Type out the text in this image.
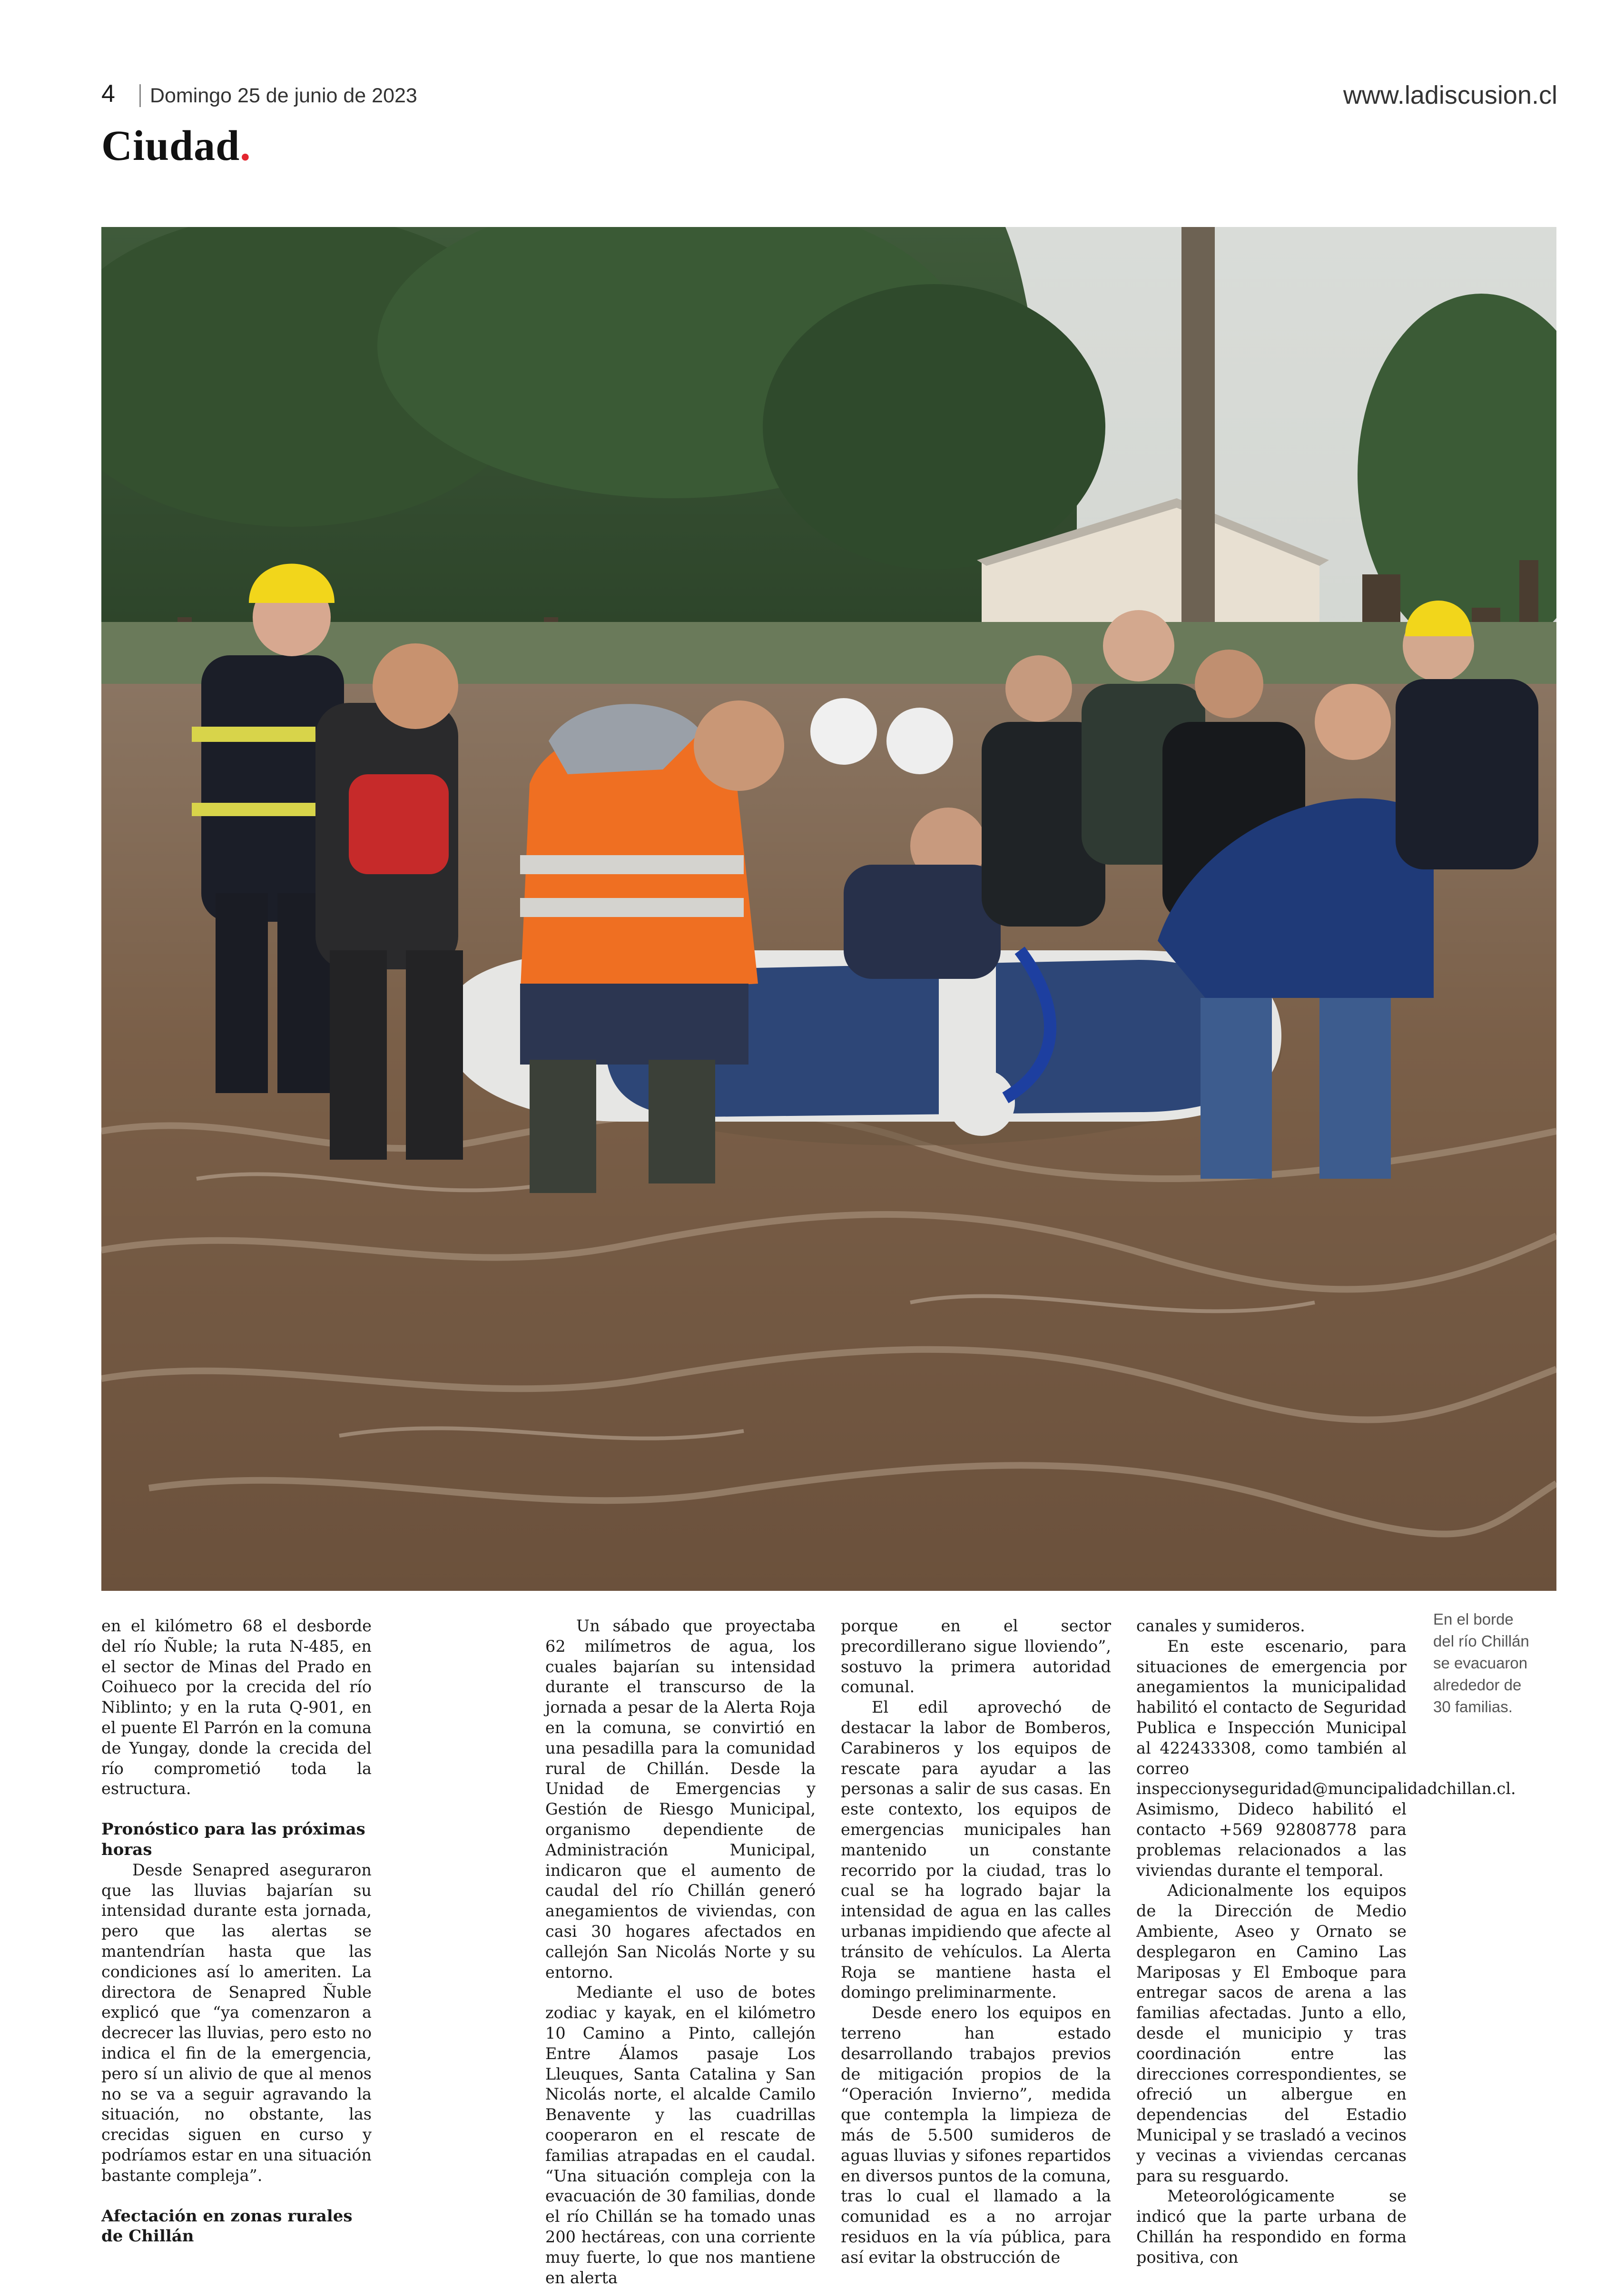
4 Domingo 25 de junio de 2023	www.ladiscusion.cl
Ciudad.
En el borde del río Chillán se evacuaron alrededor de 30 familias.

en el kilómetro 68 el desborde del río Ñuble; la ruta N-485, en el sector de Minas del Prado en Coihueco por la crecida del río Niblinto; y en la ruta Q-901, en el puente El Parrón en la comuna de Yungay, donde la crecida del río comprometió toda la estructura.

Pronóstico para las próximas horas

Desde Senapred aseguraron que las lluvias bajarían su intensidad durante esta jornada, pero que las alertas se mantendrían hasta que las condiciones así lo ameriten. La directora de Senapred Ñuble explicó que “ya comenzaron a decrecer las lluvias, pero esto no indica el fin de la emergencia, pero sí un alivio de que al menos no se va a seguir agravando la situación, no obstante, las crecidas siguen en curso y podríamos estar en una situación bastante compleja”.

Afectación en zonas rurales de Chillán

Un sábado que proyectaba 62 milímetros de agua, los cuales bajarían su intensidad durante el transcurso de la jornada a pesar de la Alerta Roja en la comuna, se convirtió en una pesadilla para la comunidad rural de Chillán. Desde la Unidad de Emergencias y Gestión de Riesgo Municipal, organismo dependiente de Administración Municipal, indicaron que el aumento de caudal del río Chillán generó anegamientos de viviendas, con casi 30 hogares afectados en callejón San Nicolás Norte y su entorno.

Mediante el uso de botes zodiac y kayak, en el kilómetro 10 Camino a Pinto, callejón Entre Álamos pasaje Los Lleuques, Santa Catalina y San Nicolás norte, el alcalde Camilo Benavente y las cuadrillas cooperaron en el rescate de familias atrapadas en el caudal. “Una situación compleja con la evacuación de 30 familias, donde el río Chillán se ha tomado unas 200 hectáreas, con una corriente muy fuerte, lo que nos mantiene en alerta

porque en el sector precordillerano sigue lloviendo”, sostuvo la primera autoridad comunal.

El edil aprovechó de destacar la labor de Bomberos, Carabineros y los equipos de rescate para ayudar a las personas a salir de sus casas. En este contexto, los equipos de emergencias municipales han mantenido un constante recorrido por la ciudad, tras lo cual se ha logrado bajar la intensidad de agua en las calles urbanas impidiendo que afecte al tránsito de vehículos. La Alerta Roja se mantiene hasta el domingo preliminarmente.

Desde enero los equipos en terreno han estado desarrollando trabajos previos de mitigación propios de la “Operación Invierno”, medida que contempla la limpieza de más de 5.500 sumideros de aguas lluvias y sifones repartidos en diversos puntos de la comuna, tras lo cual el llamado a la comunidad es a no arrojar residuos en la vía pública, para así evitar la obstrucción de

canales y sumideros.

En este escenario, para situaciones de emergencia por anegamientos la municipalidad habilitó el contacto de Seguridad Publica e Inspección Municipal al 422433308, como también al correo inspeccionyseguridad@muncipalidadchillan.cl. Asimismo, Dideco habilitó el contacto +569 92808778 para problemas relacionados a las viviendas durante el temporal.

Adicionalmente los equipos de la Dirección de Medio Ambiente, Aseo y Ornato se desplegaron en Camino Las Mariposas y El Emboque para entregar sacos de arena a las familias afectadas. Junto a ello, desde el municipio y tras coordinación entre las direcciones correspondientes, se ofreció un albergue en dependencias del Estadio Municipal y se trasladó a vecinos y vecinas a viviendas cercanas para su resguardo.

Meteorológicamente se indicó que la parte urbana de Chillán ha respondido en forma positiva, con
